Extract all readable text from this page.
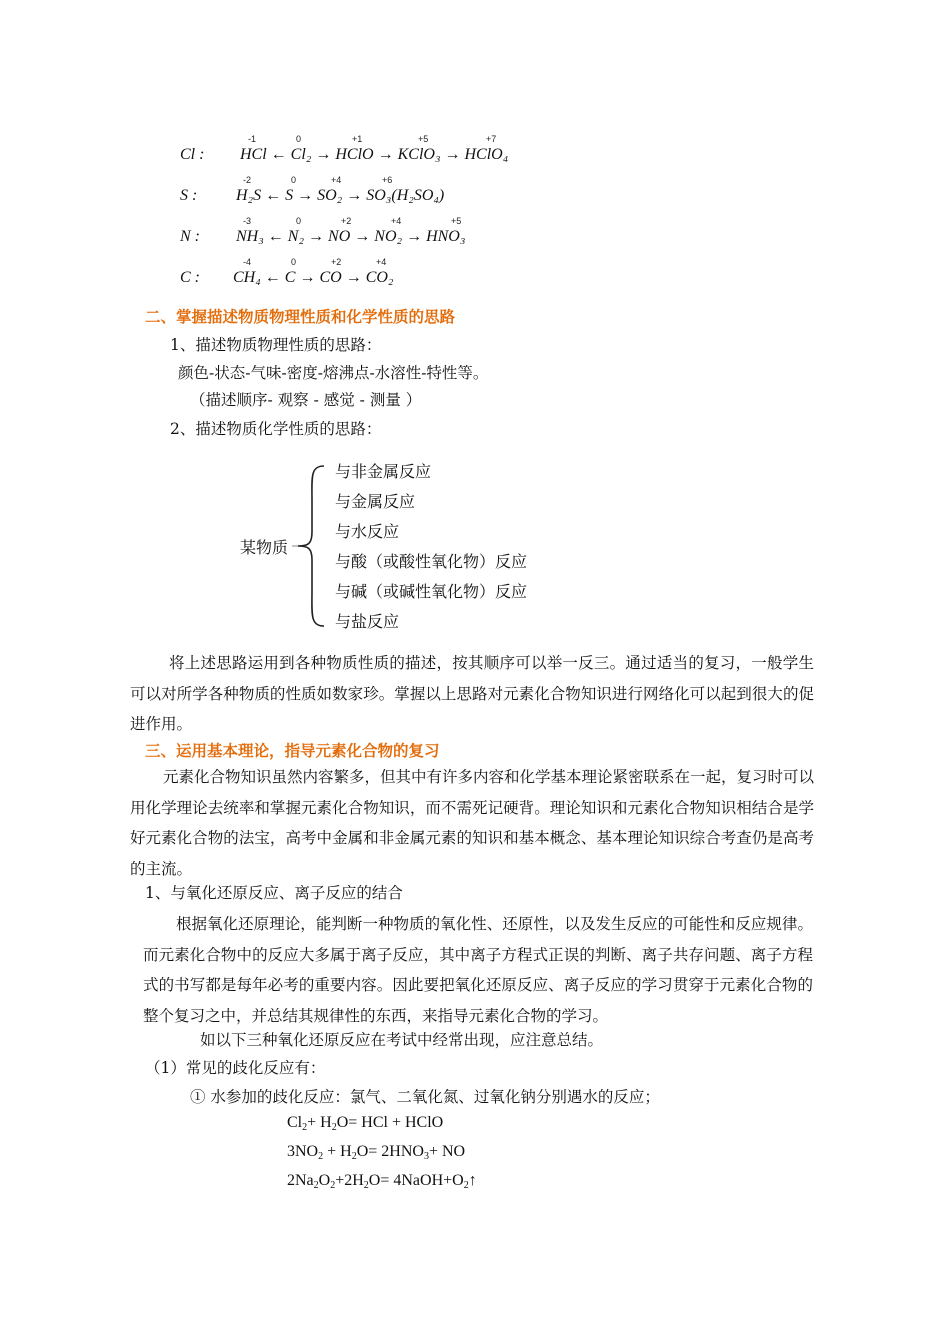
Cl :
-1	0	+1	+5	+7
HCl ← Cl₂ → HClO → KClO₃ → HClO₄
S :
-2	0	+4	+6
H₂S ← S → SO₂ → SO₃(H₂SO₄)
N :
-3	0	+2	+4	+5
NH₃ ← N₂ → NO → NO₂ → HNO₃
C :
-4	0	+2	+4
CH₄ ← C → CO → CO₂
二、掌握描述物质物理性质和化学性质的思路
1、描述物质物理性质的思路：
颜色-状态-气味-密度-熔沸点-水溶性-特性等。
（描述顺序- 观察 - 感觉 - 测量 ）
2、描述物质化学性质的思路：
某物质
与非金属反应
与金属反应
与水反应
与酸（或酸性氧化物）反应
与碱（或碱性氧化物）反应
与盐反应
将上述思路运用到各种物质性质的描述，按其顺序可以举一反三。通过适当的复习，一般学生可以对所学各种物质的性质如数家珍。掌握以上思路对元素化合物知识进行网络化可以起到很大的促进作用。
三、运用基本理论，指导元素化合物的复习
元素化合物知识虽然内容繁多，但其中有许多内容和化学基本理论紧密联系在一起，复习时可以用化学理论去统率和掌握元素化合物知识，而不需死记硬背。理论知识和元素化合物知识相结合是学好元素化合物的法宝，高考中金属和非金属元素的知识和基本概念、基本理论知识综合考查仍是高考的主流。
1、与氧化还原反应、离子反应的结合
根据氧化还原理论，能判断一种物质的氧化性、还原性，以及发生反应的可能性和反应规律。而元素化合物中的反应大多属于离子反应，其中离子方程式正误的判断、离子共存问题、离子方程式的书写都是每年必考的重要内容。因此要把氧化还原反应、离子反应的学习贯穿于元素化合物的整个复习之中，并总结其规律性的东西，来指导元素化合物的学习。
如以下三种氧化还原反应在考试中经常出现，应注意总结。
（1）常见的歧化反应有：
① 水参加的歧化反应：氯气、二氧化氮、过氧化钠分别遇水的反应；
$Cl_2+ H_2O=$ HCl + HClO
$3NO_2 + H_2O= 2HNO_3+$ NO
$2Na_2O_2+2H_2O=$ $4NaOH+O_2↑$
